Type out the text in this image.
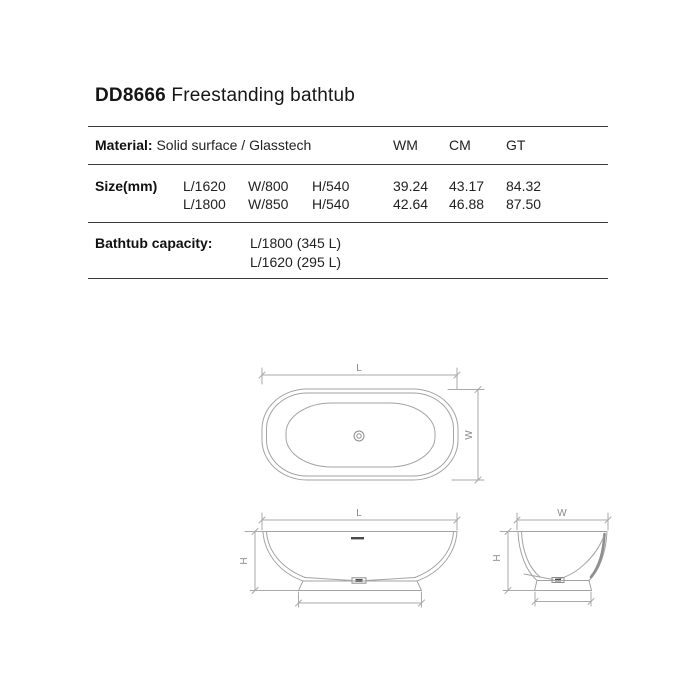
DD8666 Freestanding bathtub
Material: Solid surface / Glasstech	WM CM	GT
Size(mm) L/1620 W/800 H/540	39.24 43.17 84.32
L/1800 W/850 H/540	42.64 46.88 87.50
Bathtub capacity:	L/1800 (345 L)
L/1620 (295 L)
L
W
L
H
W
H
